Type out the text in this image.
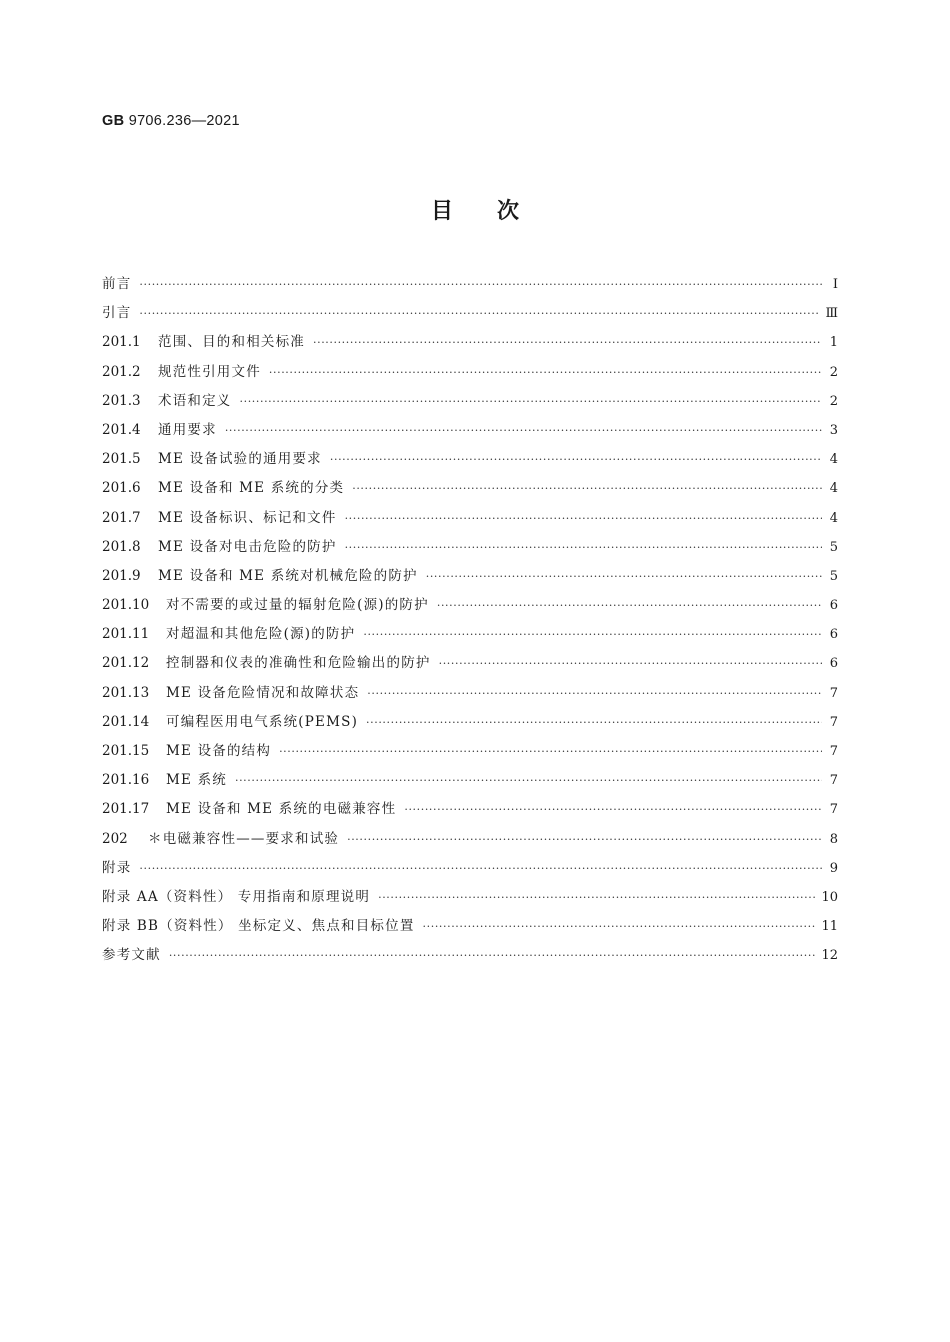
GB 9706.236—2021
目次
前言 ·····	Ⅰ
引言 ·····	Ⅲ
201.1	范围、目的和相关标准 ·····	1
201.2	规范性引用文件 ·····	2
201.3	术语和定义 ·····	2
201.4	通用要求 ·····	3
201.5	ME 设备试验的通用要求 ·····	4
201.6	ME 设备和 ME 系统的分类 ·····	4
201.7	ME 设备标识、标记和文件 ·····	4
201.8	ME 设备对电击危险的防护 ·····	5
201.9	ME 设备和 ME 系统对机械危险的防护 ·····	5
201.10	对不需要的或过量的辐射危险(源)的防护 ·····	6
201.11	对超温和其他危险(源)的防护 ·····	6
201.12	控制器和仪表的准确性和危险输出的防护 ·····	6
201.13	ME 设备危险情况和故障状态 ·····	7
201.14	可编程医用电气系统(PEMS) ·····	7
201.15	ME 设备的结构 ·····	7
201.16	ME 系统 ·····	7
201.17	ME 设备和 ME 系统的电磁兼容性 ·····	7
202	＊电磁兼容性——要求和试验 ·····	8
附录 ·····	9
附录 AA（资料性） 专用指南和原理说明 ·····	10
附录 BB（资料性） 坐标定义、焦点和目标位置 ·····	11
参考文献 ·····	12
